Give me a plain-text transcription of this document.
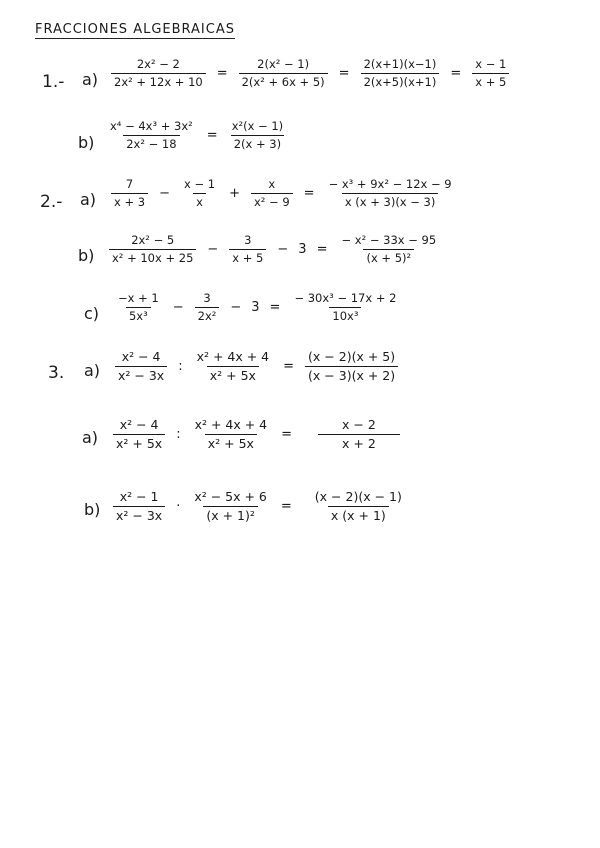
FRACCIONES ALGEBRAICAS
1.- $a) \frac{\text{2x² − 2}}{\text{2x² + 12x + 10}} = \frac{\text{2(x² − 1)}}{\text{2(x² + 6x + 5)}} = \frac{2(x+1)(x-1)}{2(x+5)(x+1)} = \frac{x - 1}{x + 5}$
$b) \frac{\text{x⁴ − 4x³ + 3x²}}{\text{2x² − 18}} = \frac{\text{x²(x − 1)}}{2(x + 3)}$
2.- $a) \frac{7}{x + 3} - \frac{x - 1}{x} + \frac{x}{\text{x² − 9}} = \frac{\text{− x³ + 9x² − 12x − 9}}{x (x + 3)(x - 3)}$
$b) \frac{\text{2x² − 5}}{\text{x² + 10x + 25}} - \frac{3}{x + 5} - 3 = \frac{\text{− x² − 33x − 95}}{\text{(x + 5)²}}$
$c) \frac{-x + 1}{\text{5x³}} - \frac{3}{\text{2x²}} - 3 = \frac{\text{− 30x³ − 17x + 2}}{\text{10x³}}$
3. $a) \frac{\text{x² − 4}}{\text{x² − 3x}}$ : $\frac{\text{x² + 4x + 4}}{\text{x² + 5x}} = \frac{(x - 2)(x + 5)}{(x - 3)(x + 2)}$
$a) \frac{\text{x² − 4}}{\text{x² + 5x}}$ : $\frac{\text{x² + 4x + 4}}{\text{x² + 5x}} = \frac{x - 2}{x + 2}$
$b) \frac{\text{x² − 1}}{\text{x² − 3x}} \cdot \frac{\text{x² − 5x + 6}}{\text{(x + 1)²}} = \frac{(x - 2)(x - 1)}{x (x + 1)}$
